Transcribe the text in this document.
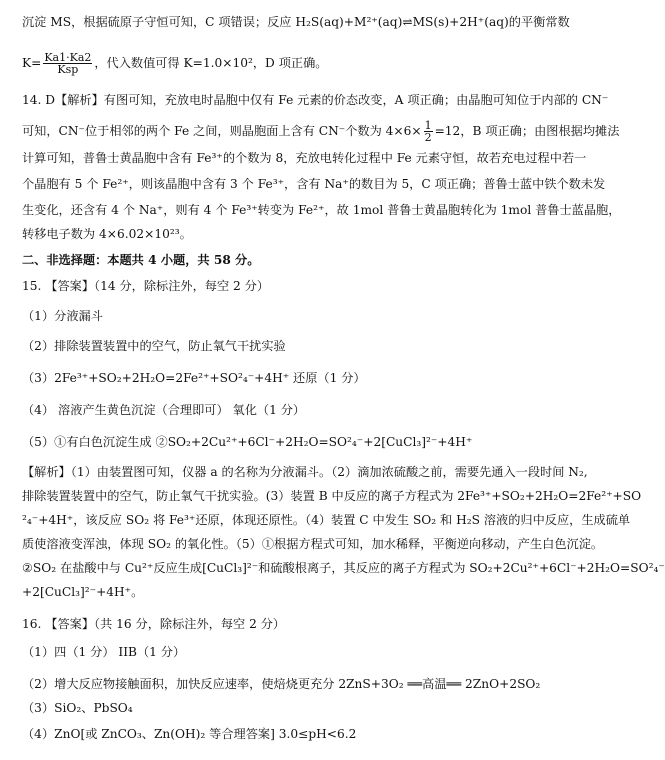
沉淀 MS，根据硫原子守恒可知，C 项错误；反应 H₂S(aq)+M²⁺(aq)⇌MS(s)+2H⁺(aq)的平衡常数
$K= \frac{Ka1\cdot Ka2}{\text{Ksp}}$ ，代入数值可得 K=1.0×10²，D 项正确。
14. D【解析】有图可知，充放电时晶胞中仅有 Fe 元素的价态改变，A 项正确；由晶胞可知位于内部的 CN⁻
可知，CN⁻位于相邻的两个 Fe 之间，则晶胞面上含有 CN⁻个数为 $4\times 6\times \frac{1}{2} =12$，B 项正确；由图根据均摊法
计算可知，普鲁士黄晶胞中含有 Fe³⁺的个数为 8，充放电转化过程中 Fe 元素守恒，故若充电过程中若一
个晶胞有 5 个 Fe²⁺，则该晶胞中含有 3 个 Fe³⁺，含有 Na⁺的数目为 5，C 项正确；普鲁士蓝中铁个数未发
生变化，还含有 4 个 Na⁺，则有 4 个 Fe³⁺转变为 Fe²⁺，故 1mol 普鲁士黄晶胞转化为 1mol 普鲁士蓝晶胞，
转移电子数为 4×6.02×10²³。
二、非选择题：本题共 4 小题，共 58 分。
15. 【答案】（14 分，除标注外，每空 2 分）
（1）分液漏斗
（2）排除装置装置中的空气，防止氧气干扰实验
（3）2Fe³⁺+SO₂+2H₂O=2Fe²⁺+SO²₄⁻+4H⁺ 还原（1 分）
（4） 溶液产生黄色沉淀（合理即可） 氧化（1 分）
（5）①有白色沉淀生成 ②SO₂+2Cu²⁺+6Cl⁻+2H₂O=SO²₄⁻+2[CuCl₃]²⁻+4H⁺
【解析】（1）由装置图可知，仪器 a 的名称为分液漏斗。（2）滴加浓硫酸之前，需要先通入一段时间 N₂,
排除装置装置中的空气，防止氧气干扰实验。(3）装置 B 中反应的离子方程式为 2Fe³⁺+SO₂+2H₂O=2Fe²⁺+SO
²₄⁻+4H⁺，该反应 SO₂ 将 Fe³⁺还原，体现还原性。（4）装置 C 中发生 SO₂ 和 H₂S 溶液的归中反应，生成硫单
质使溶液变浑浊，体现 SO₂ 的氧化性。（5）①根据方程式可知，加水稀释，平衡逆向移动，产生白色沉淀。
②SO₂ 在盐酸中与 Cu²⁺反应生成[CuCl₃]²⁻和硫酸根离子，其反应的离子方程式为 SO₂+2Cu²⁺+6Cl⁻+2H₂O=SO²₄⁻
+2[CuCl₃]²⁻+4H⁺。
16. 【答案】（共 16 分，除标注外，每空 2 分）
（1）四（1 分） IIB（1 分）
（2）增大反应物接触面积，加快反应速率，使焙烧更充分 2ZnS+3O₂ ══高温══ 2ZnO+2SO₂
（3）SiO₂、PbSO₄
（4）ZnO[或 ZnCO₃、Zn(OH)₂ 等合理答案] 3.0≤pH<6.2
